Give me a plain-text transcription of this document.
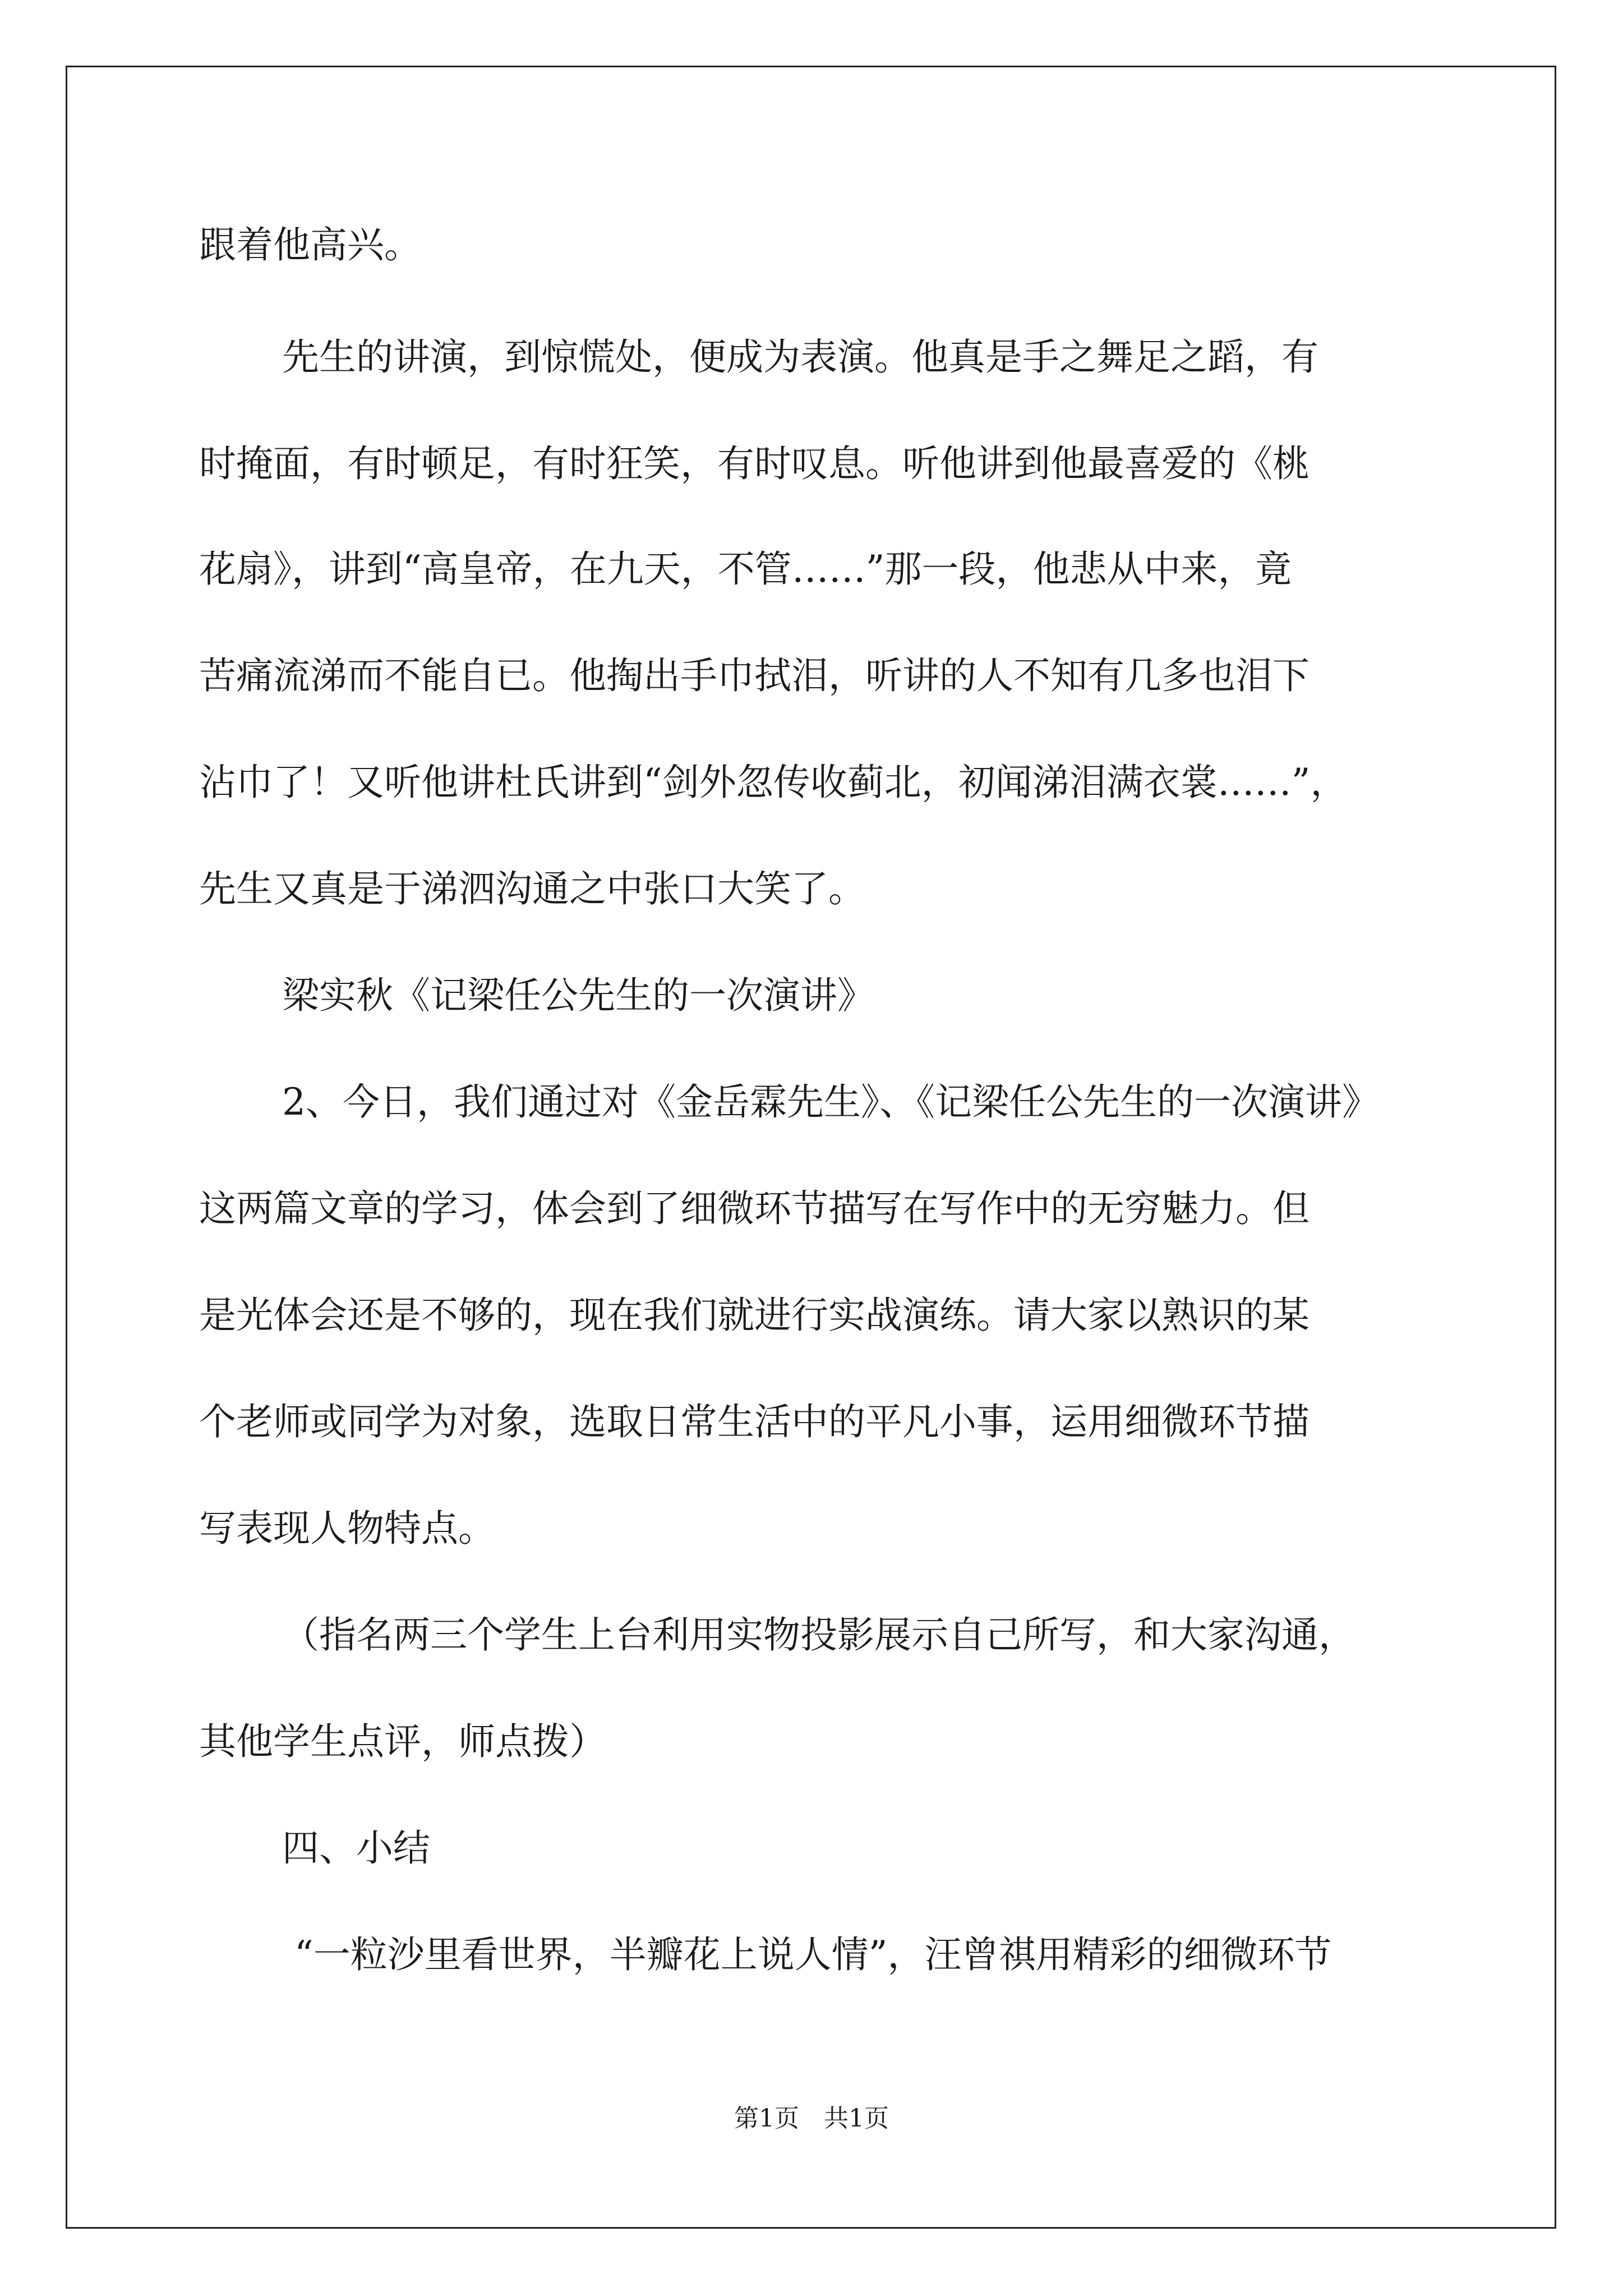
跟着他高兴。
先生的讲演，到惊慌处，便成为表演。他真是手之舞足之蹈，有
时掩面，有时顿足，有时狂笑，有时叹息。听他讲到他最喜爱的《桃
花扇》，讲到“高皇帝，在九天，不管……”那一段，他悲从中来，竟
苦痛流涕而不能自已。他掏出手巾拭泪，听讲的人不知有几多也泪下
沾巾了！又听他讲杜氏讲到“剑外忽传收蓟北，初闻涕泪满衣裳……”，
先生又真是于涕泗沟通之中张口大笑了。
梁实秋《记梁任公先生的一次演讲》
2、今日，我们通过对《金岳霖先生》、《记梁任公先生的一次演讲》
这两篇文章的学习，体会到了细微环节描写在写作中的无穷魅力。但
是光体会还是不够的，现在我们就进行实战演练。请大家以熟识的某
个老师或同学为对象，选取日常生活中的平凡小事，运用细微环节描
写表现人物特点。
（指名两三个学生上台利用实物投影展示自己所写，和大家沟通，
其他学生点评，师点拨）
四、小结
“一粒沙里看世界，半瓣花上说人情”，汪曾祺用精彩的细微环节
第1页　共1页
